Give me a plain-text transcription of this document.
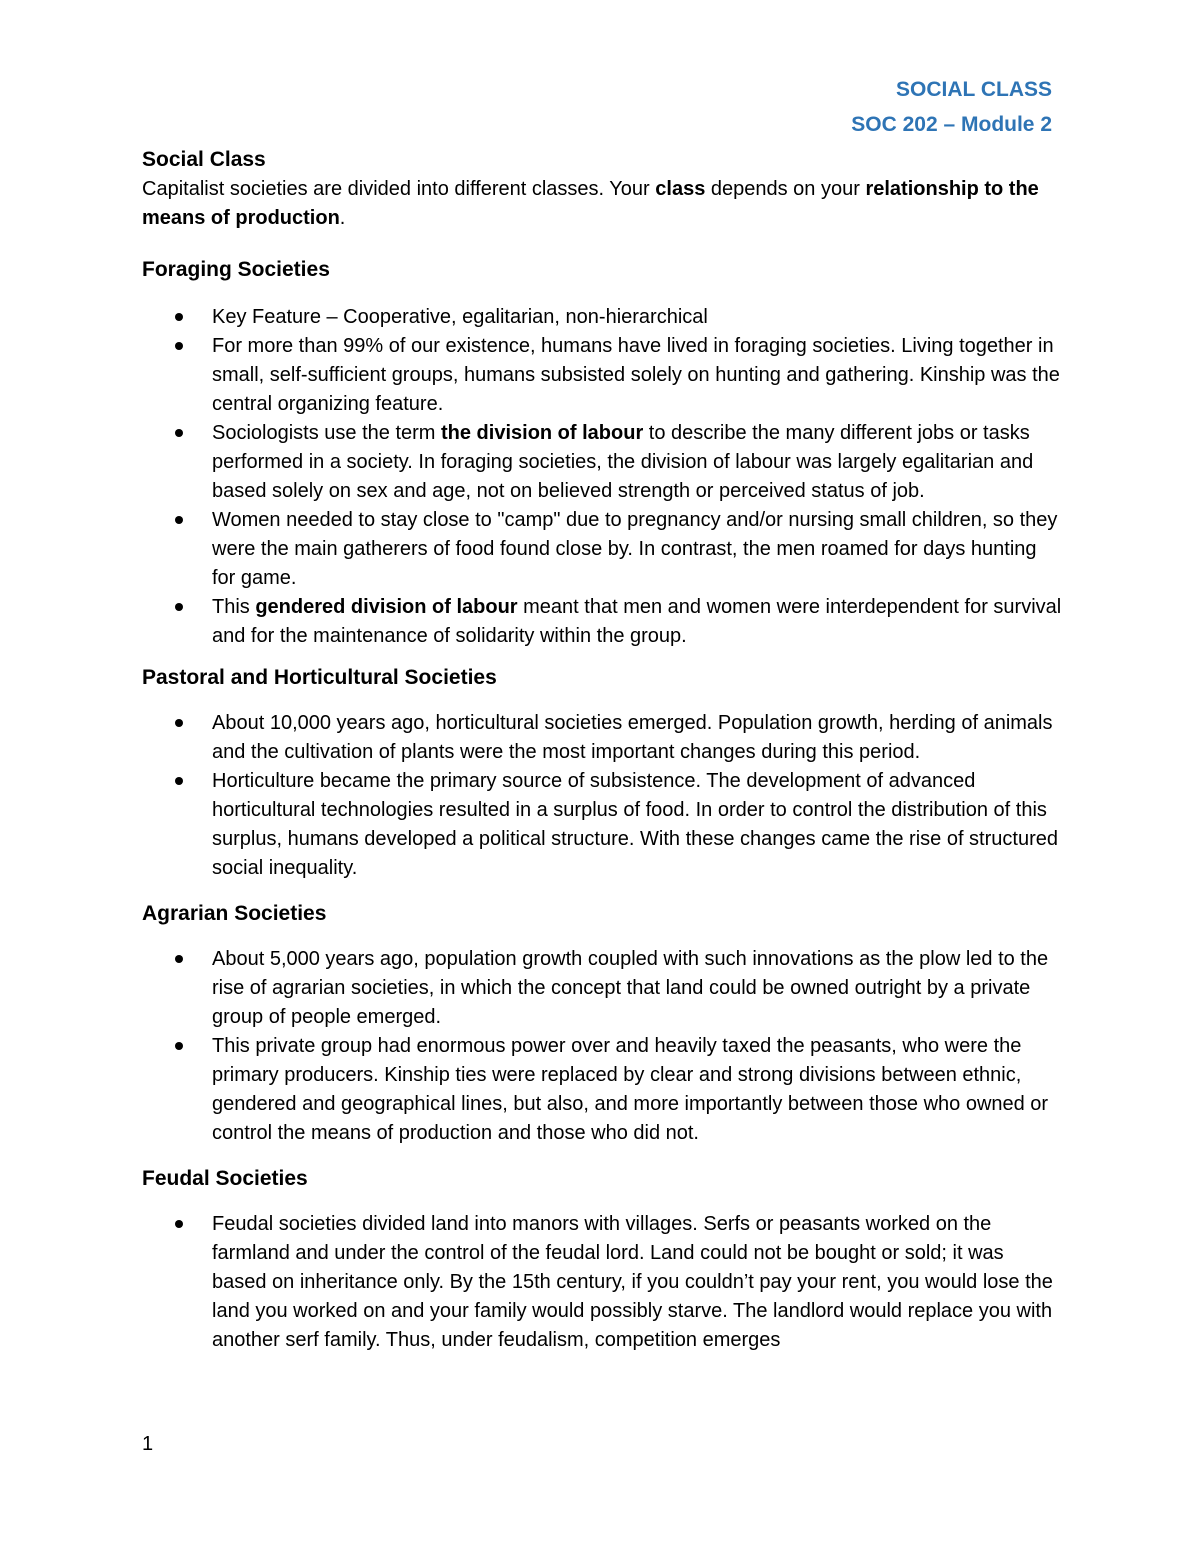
SOCIAL CLASS
SOC 202 – Module 2
Social Class

Capitalist societies are divided into different classes. Your class depends on your relationship to the means of production.

Foraging Societies
Key Feature – Cooperative, egalitarian, non-hierarchical
For more than 99% of our existence, humans have lived in foraging societies. Living together in small, self-sufficient groups, humans subsisted solely on hunting and gathering. Kinship was the central organizing feature.
Sociologists use the term the division of labour to describe the many different jobs or tasks performed in a society. In foraging societies, the division of labour was largely egalitarian and based solely on sex and age, not on believed strength or perceived status of job.
Women needed to stay close to "camp" due to pregnancy and/or nursing small children, so they were the main gatherers of food found close by. In contrast, the men roamed for days hunting for game.
This gendered division of labour meant that men and women were interdependent for survival and for the maintenance of solidarity within the group.
Pastoral and Horticultural Societies
About 10,000 years ago, horticultural societies emerged. Population growth, herding of animals and the cultivation of plants were the most important changes during this period.
Horticulture became the primary source of subsistence. The development of advanced horticultural technologies resulted in a surplus of food. In order to control the distribution of this surplus, humans developed a political structure. With these changes came the rise of structured social inequality.
Agrarian Societies
About 5,000 years ago, population growth coupled with such innovations as the plow led to the rise of agrarian societies, in which the concept that land could be owned outright by a private group of people emerged.
This private group had enormous power over and heavily taxed the peasants, who were the primary producers. Kinship ties were replaced by clear and strong divisions between ethnic, gendered and geographical lines, but also, and more importantly between those who owned or control the means of production and those who did not.
Feudal Societies
Feudal societies divided land into manors with villages. Serfs or peasants worked on the farmland and under the control of the feudal lord. Land could not be bought or sold; it was based on inheritance only. By the 15th century, if you couldn’t pay your rent, you would lose the land you worked on and your family would possibly starve. The landlord would replace you with another serf family. Thus, under feudalism, competition emerges
1
